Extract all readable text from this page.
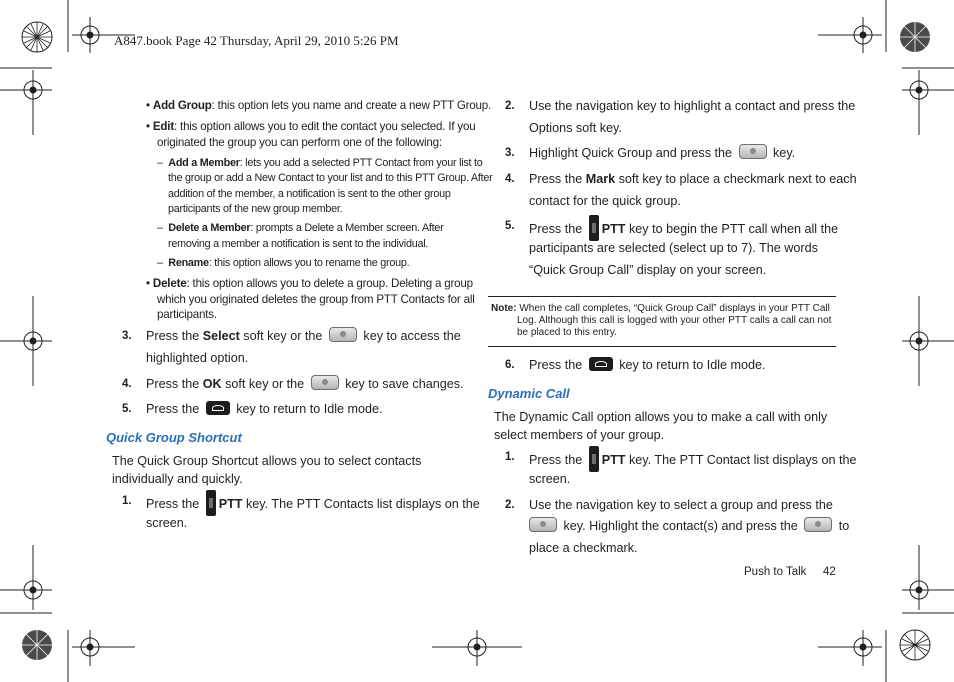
A847.book Page 42 Thursday, April 29, 2010 5:26 PM
• Add Group: this option lets you name and create a new PTT Group.
• Edit: this option allows you to edit the contact you selected. If you
originated the group you can perform one of the following:
– Add a Member: lets you add a selected PTT Contact from your list to
the group or add a New Contact to your list and to this PTT Group. After
addition of the member, a notification is sent to the other group
participants of the new group member.
– Delete a Member: prompts a Delete a Member screen. After
removing a member a notification is sent to the individual.
– Rename: this option allows you to rename the group.
• Delete: this option allows you to delete a group. Deleting a group
which you originated deletes the group from PTT Contacts for all
participants.
3. Press the Select soft key or the	key to access the
highlighted option.
4. Press the OK soft key or the	key to save changes.
5. Press the  key to return to Idle mode.
Quick Group Shortcut
The Quick Group Shortcut allows you to select contacts
individually and quickly.
1. Press the PTT key. The PTT Contacts list displays on the
screen.
2. Use the navigation key to highlight a contact and press the
Options soft key.
3. Highlight Quick Group and press the	key.
4. Press the Mark soft key to place a checkmark next to each
contact for the quick group.
5. Press the PTT key to begin the PTT call when all the
participants are selected (select up to 7). The words
“Quick Group Call” display on your screen.
Note: When the call completes, “Quick Group Call” displays in your PTT Call
Log. Although this call is logged with your other PTT calls a call can not
be placed to this entry.
6. Press the  key to return to Idle mode.
Dynamic Call
The Dynamic Call option allows you to make a call with only
select members of your group.
1. Press the PTT key. The PTT Contact list displays on the
screen.
2. Use the navigation key to select a group and press the
key. Highlight the contact(s) and press the	to
place a checkmark.
Push to Talk 42
